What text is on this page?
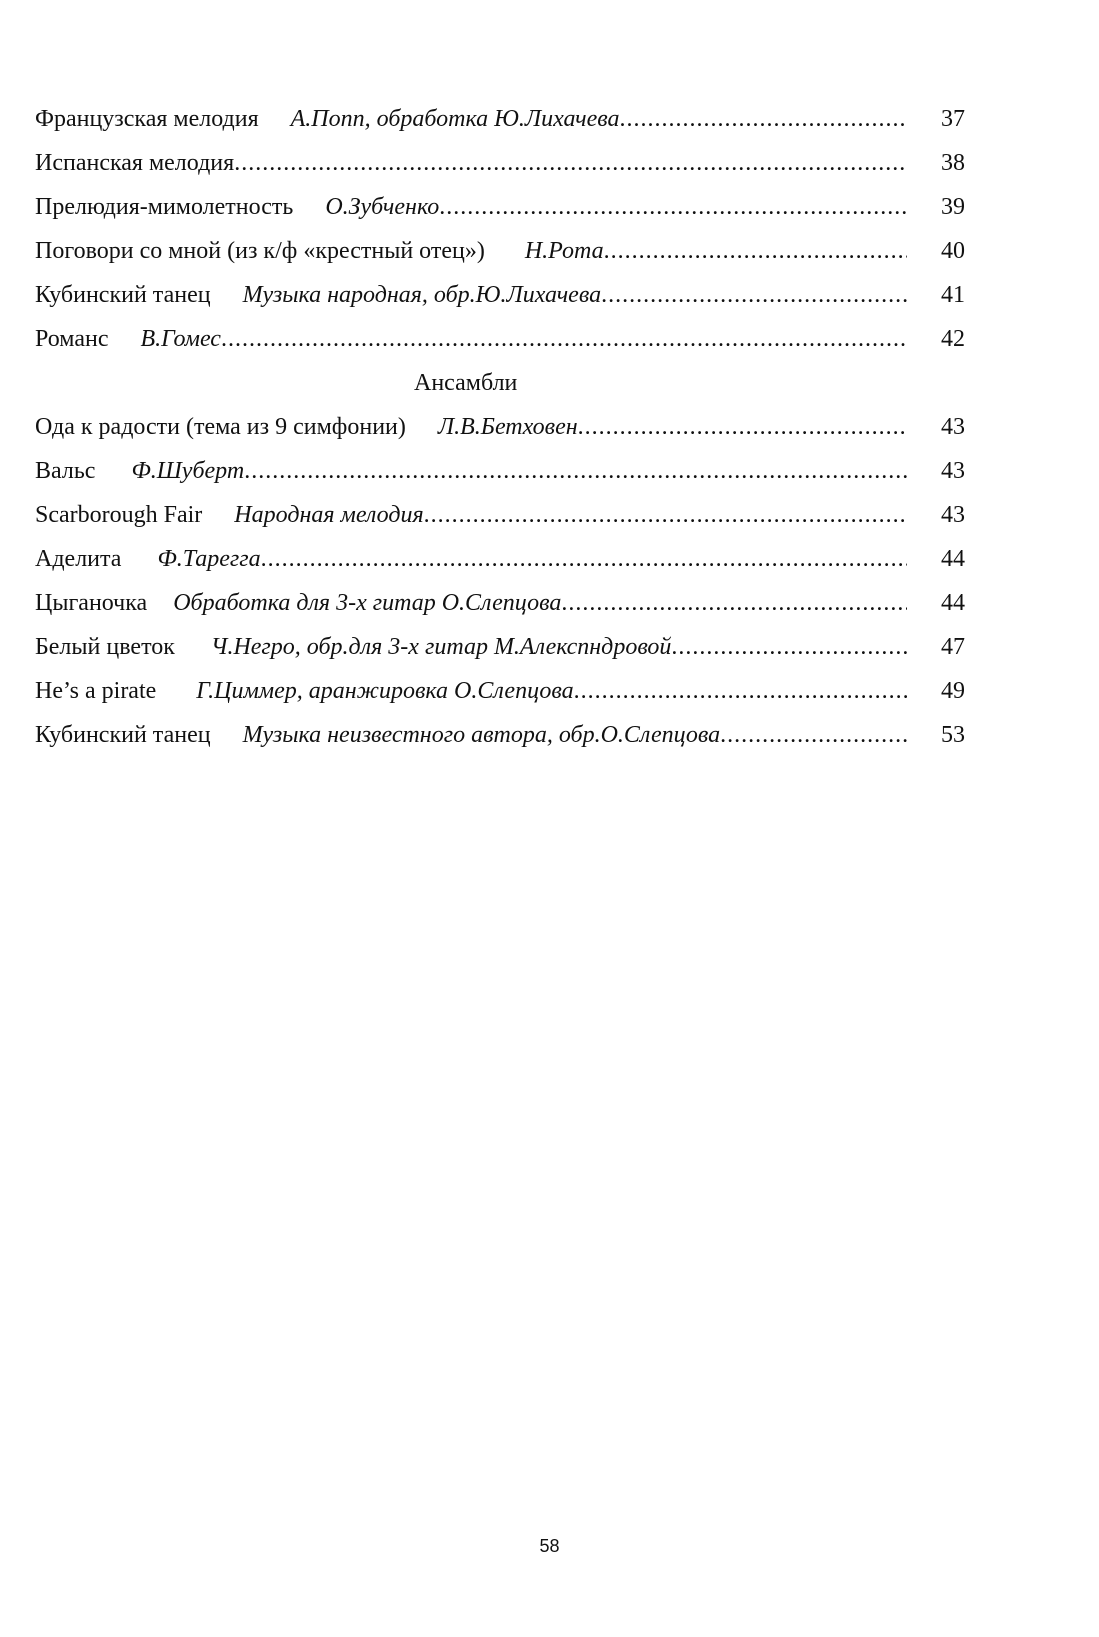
Французская мелодия А.Попп, обработка Ю.Лихачева .....	37
Испанская мелодия .....	38
Прелюдия-мимолетность О.Зубченко .....	39
Поговори со мной (из к/ф «крестный отец») Н.Рота .....	40
Кубинский танец Музыка народная, обр.Ю.Лихачева .....	41
Романс В.Гомес .....	42
Ансамбли
Ода к радости (тема из 9 симфонии) Л.В.Бетховен .....	43
Вальс Ф.Шуберт .....	43
Scarborough Fair Народная мелодия .....	43
Аделита Ф.Тарегга .....	44
Цыганочка Обработка для 3-х гитар О.Слепцова .....	44
Белый цветок Ч.Негро, обр.для 3-х гитар М.Алекспндровой .....	47
He’s a pirate Г.Циммер, аранжировка О.Слепцова .....	49
Кубинский танец Музыка неизвестного автора, обр.О.Слепцова .....	53
58
